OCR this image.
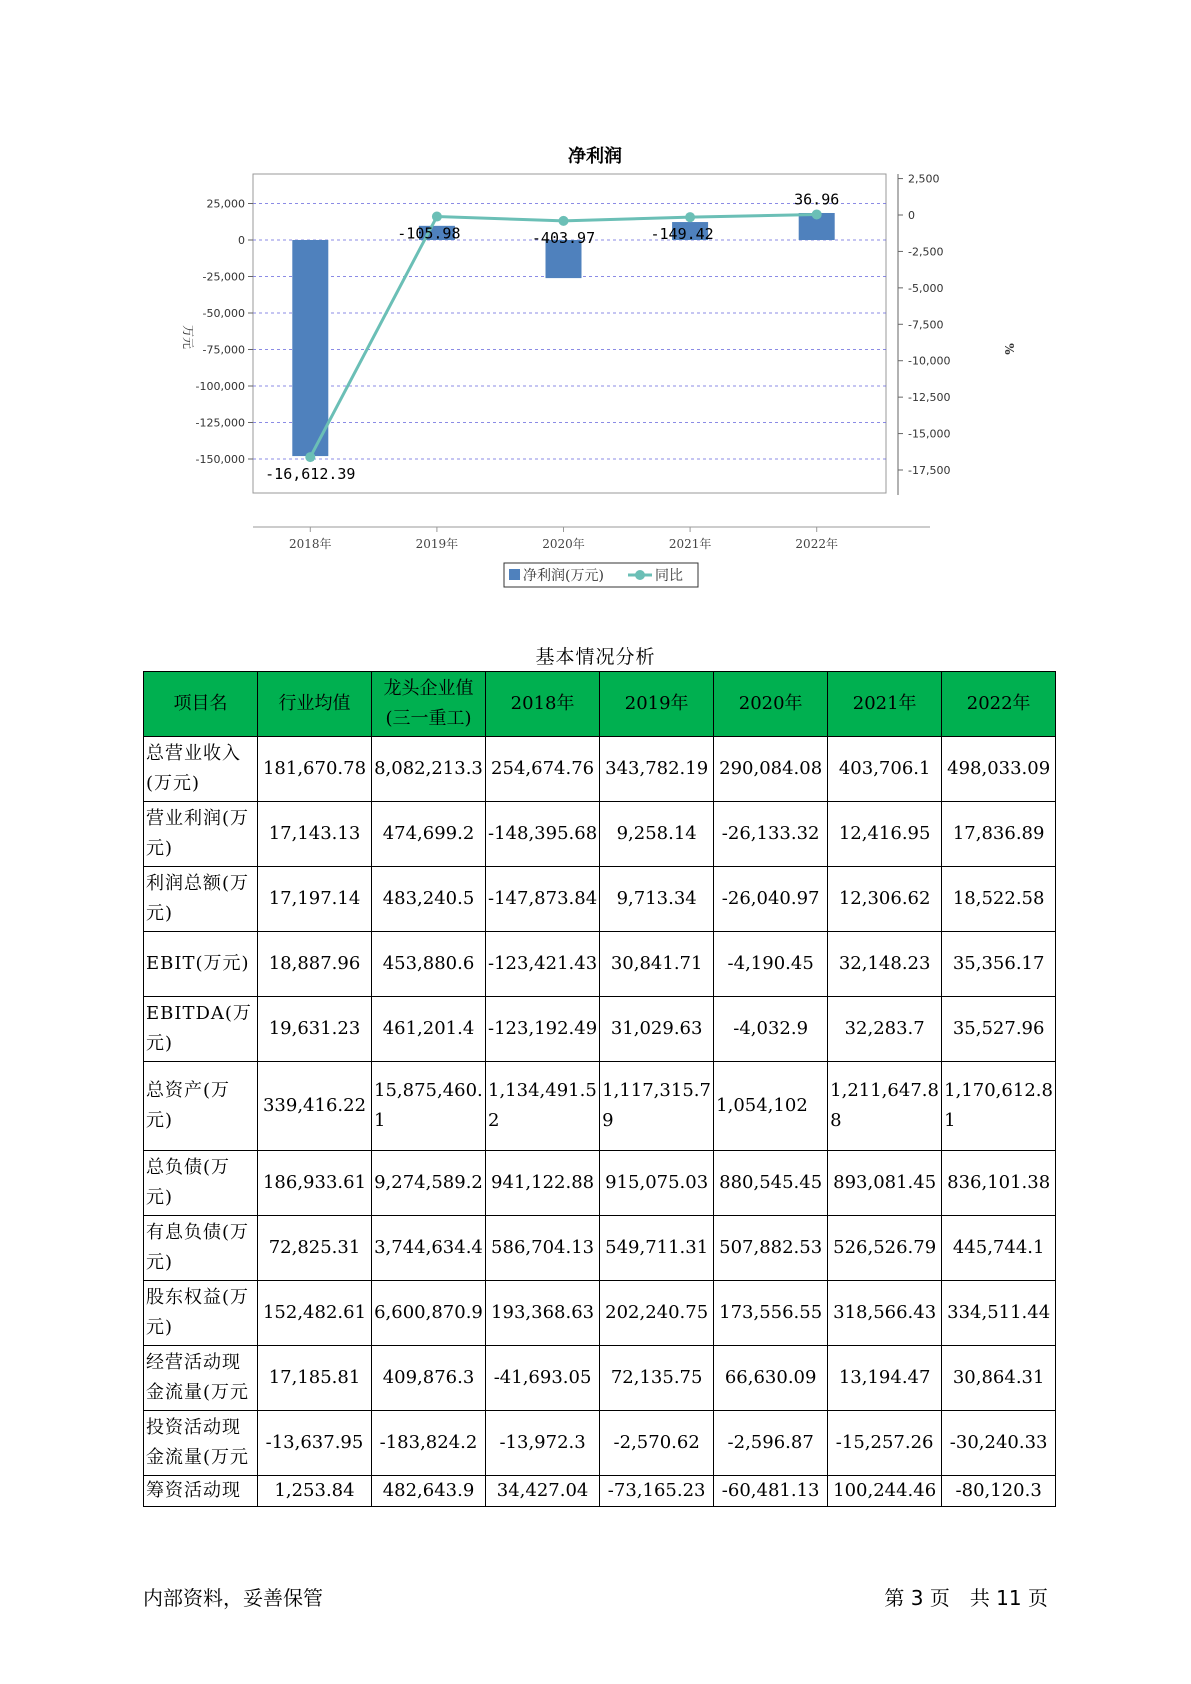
净利润
25,000
0
-25,000
-50,000
-75,000
-100,000
-125,000
-150,000
万元
2,500
0
-2,500
-5,000
-7,500
-10,000
-12,500
-15,000
-17,500
%
2018年	2019年	2020年	2021年	2022年
-16,612.39
-105.98	-403.97	-149.42
36.96
净利润(万元)	同比
基本情况分析
项目名	行业均值	龙头企业值(三一重工)	2018年	2019年	2020年	2021年	2022年
总营业收入(万元)	181,670.78	8,082,213.3	254,674.76	343,782.19	290,084.08	403,706.1	498,033.09
营业利润(万元)	17,143.13	474,699.2	-148,395.68	9,258.14	-26,133.32	12,416.95	17,836.89
利润总额(万元)	17,197.14	483,240.5	-147,873.84	9,713.34	-26,040.97	12,306.62	18,522.58
EBIT(万元)	18,887.96	453,880.6	-123,421.43	30,841.71	-4,190.45	32,148.23	35,356.17
EBITDA(万元)	19,631.23	461,201.4	-123,192.49	31,029.63	-4,032.9	32,283.7	35,527.96
总资产(万元)	339,416.22	15,875,460.1	1,134,491.52	1,117,315.79	1,054,102	1,211,647.88	1,170,612.81
总负债(万元)	186,933.61	9,274,589.2	941,122.88	915,075.03	880,545.45	893,081.45	836,101.38
有息负债(万元)	72,825.31	3,744,634.4	586,704.13	549,711.31	507,882.53	526,526.79	445,744.1
股东权益(万元)	152,482.61	6,600,870.9	193,368.63	202,240.75	173,556.55	318,566.43	334,511.44
经营活动现金流量(万元	17,185.81	409,876.3	-41,693.05	72,135.75	66,630.09	13,194.47	30,864.31
投资活动现金流量(万元	-13,637.95	-183,824.2	-13,972.3	-2,570.62	-2,596.87	-15,257.26	-30,240.33
筹资活动现	1,253.84	482,643.9	34,427.04	-73,165.23	-60,481.13	100,244.46	-80,120.3
内部资料，妥善保管	第 3 页　共 11 页
